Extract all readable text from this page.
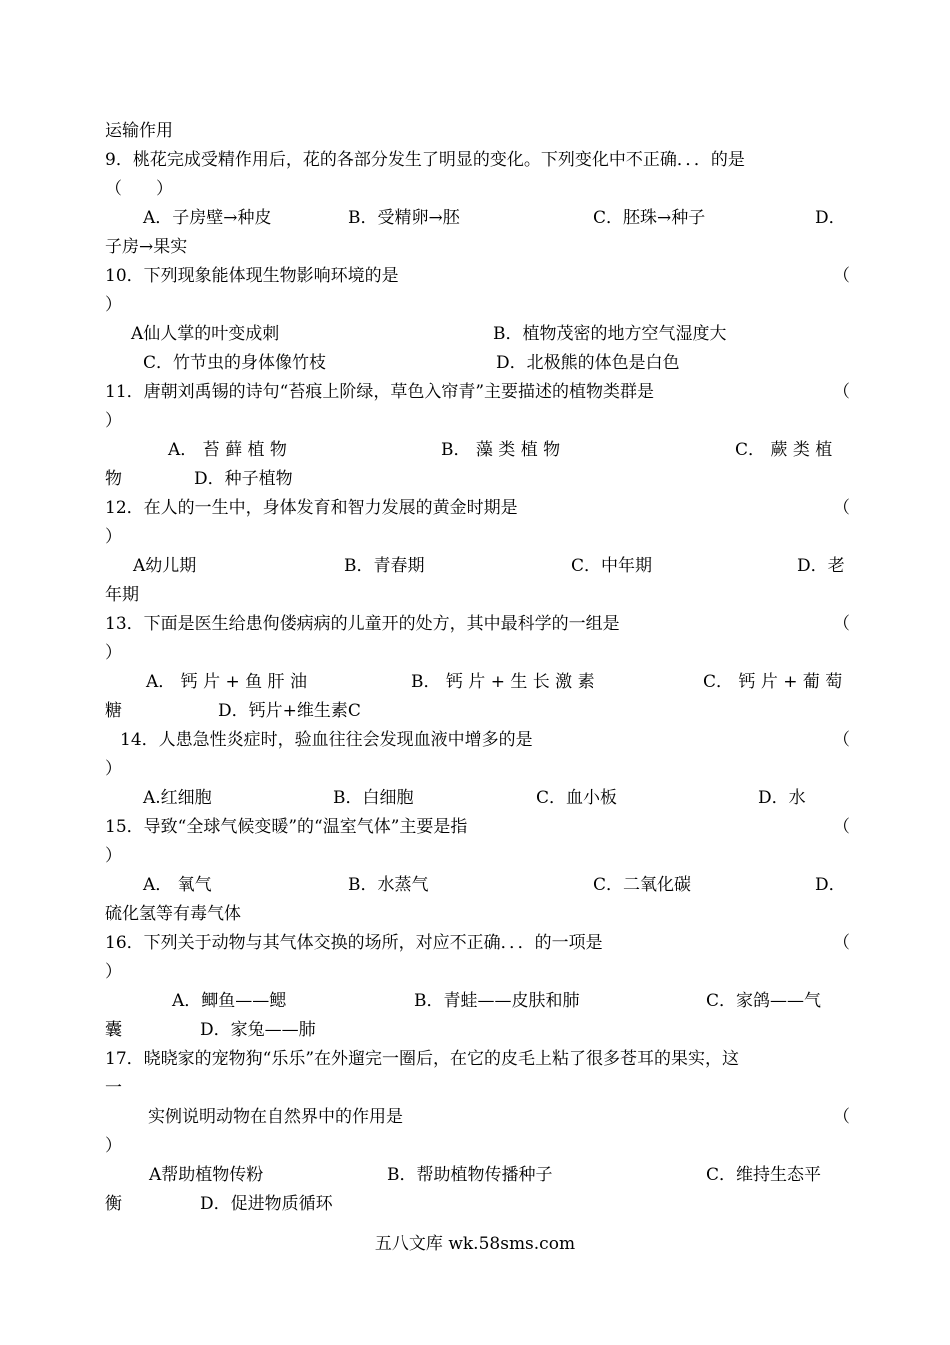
运输作用
9．桃花完成受精作用后，花的各部分发生了明显的变化。下列变化中不正确．．．的是
（　　）
A．子房壁→种皮	B．受精卵→胚	C．胚珠→种子	D．
子房→果实
10．下列现象能体现生物影响环境的是	（
）
A仙人掌的叶变成刺	B．植物茂密的地方空气湿度大
C．竹节虫的身体像竹枝	D．北极熊的体色是白色
11．唐朝刘禹锡的诗句“苔痕上阶绿，草色入帘青”主要描述的植物类群是	（
）
A． 苔 藓 植 物	B． 藻 类 植 物	C． 蕨 类 植
物	D．种子植物
12．在人的一生中，身体发育和智力发展的黄金时期是	（
）
A幼儿期	B．青春期	C．中年期	D．老
年期
13．下面是医生给患佝偻病病的儿童开的处方，其中最科学的一组是	（
）
A． 钙 片 + 鱼 肝 油	B． 钙 片 + 生 长 激 素	C． 钙 片 + 葡 萄
糖	D．钙片+维生素C
14．人患急性炎症时，验血往往会发现血液中增多的是	（
）
A.红细胞	B．白细胞	C．血小板	D．水
15．导致“全球气候变暖”的“温室气体”主要是指	（
）
A． 氧气	B．水蒸气	C．二氧化碳	D．
硫化氢等有毒气体
16．下列关于动物与其气体交换的场所，对应不正确．．．的一项是	（
）
A．鲫鱼——鳃	B．青蛙——皮肤和肺	C．家鸽——气
囊	D．家兔——肺
17．晓晓家的宠物狗“乐乐”在外遛完一圈后，在它的皮毛上粘了很多苍耳的果实，这
一
实例说明动物在自然界中的作用是	（
）
A帮助植物传粉	B．帮助植物传播种子	C．维持生态平
衡	D．促进物质循环
五八文库 wk.58sms.com
